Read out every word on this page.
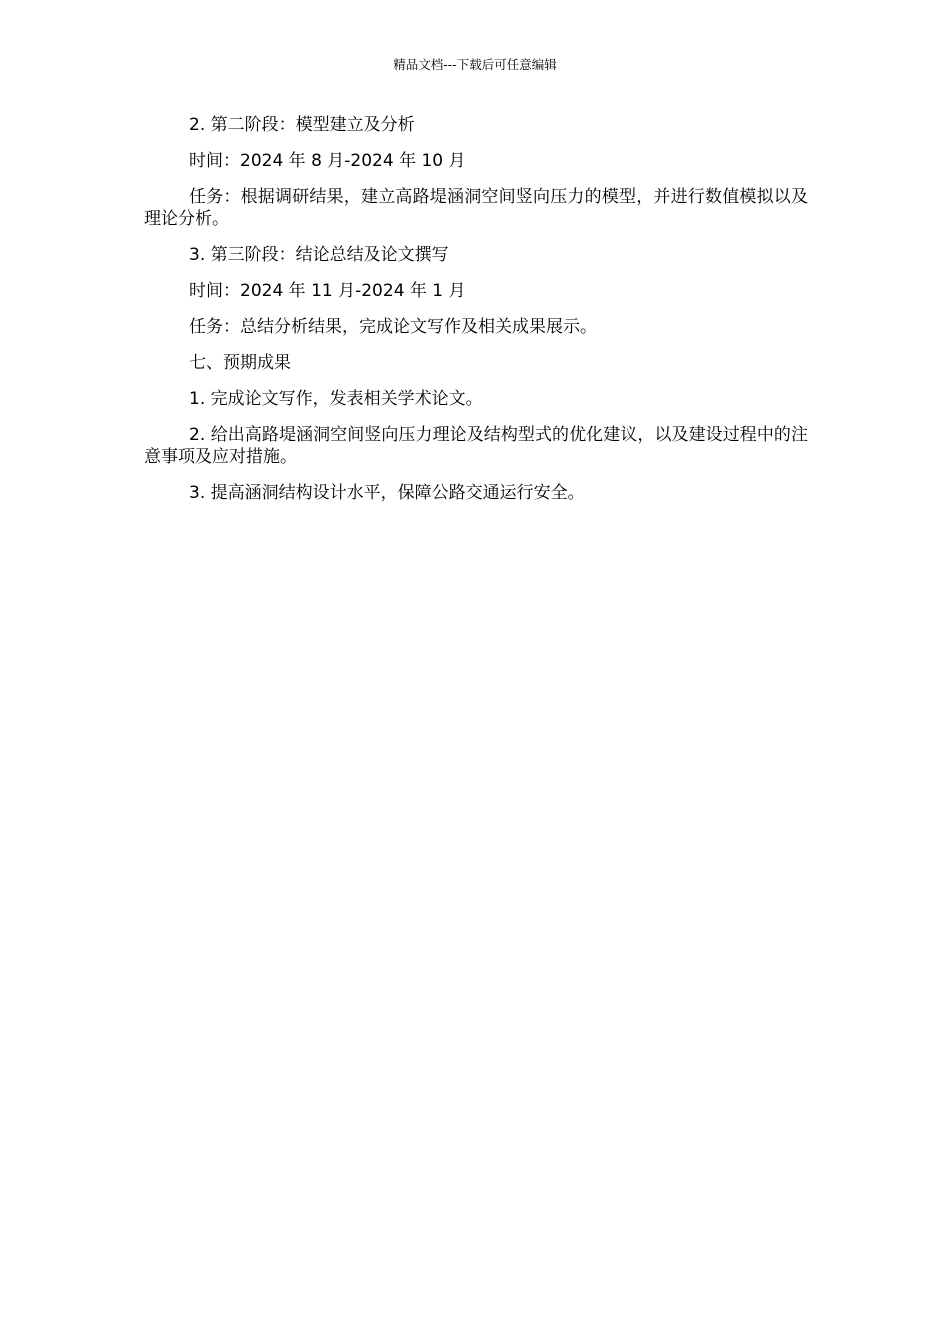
精品文档---下载后可任意编辑

2. 第二阶段：模型建立及分析

时间：2024 年 8 月-2024 年 10 月

任务：根据调研结果，建立高路堤涵洞空间竖向压力的模型，并进行数值模拟以及理论分析。

3. 第三阶段：结论总结及论文撰写

时间：2024 年 11 月-2024 年 1 月

任务：总结分析结果，完成论文写作及相关成果展示。

七、预期成果

1. 完成论文写作，发表相关学术论文。

2. 给出高路堤涵洞空间竖向压力理论及结构型式的优化建议，以及建设过程中的注意事项及应对措施。

3. 提高涵洞结构设计水平，保障公路交通运行安全。
